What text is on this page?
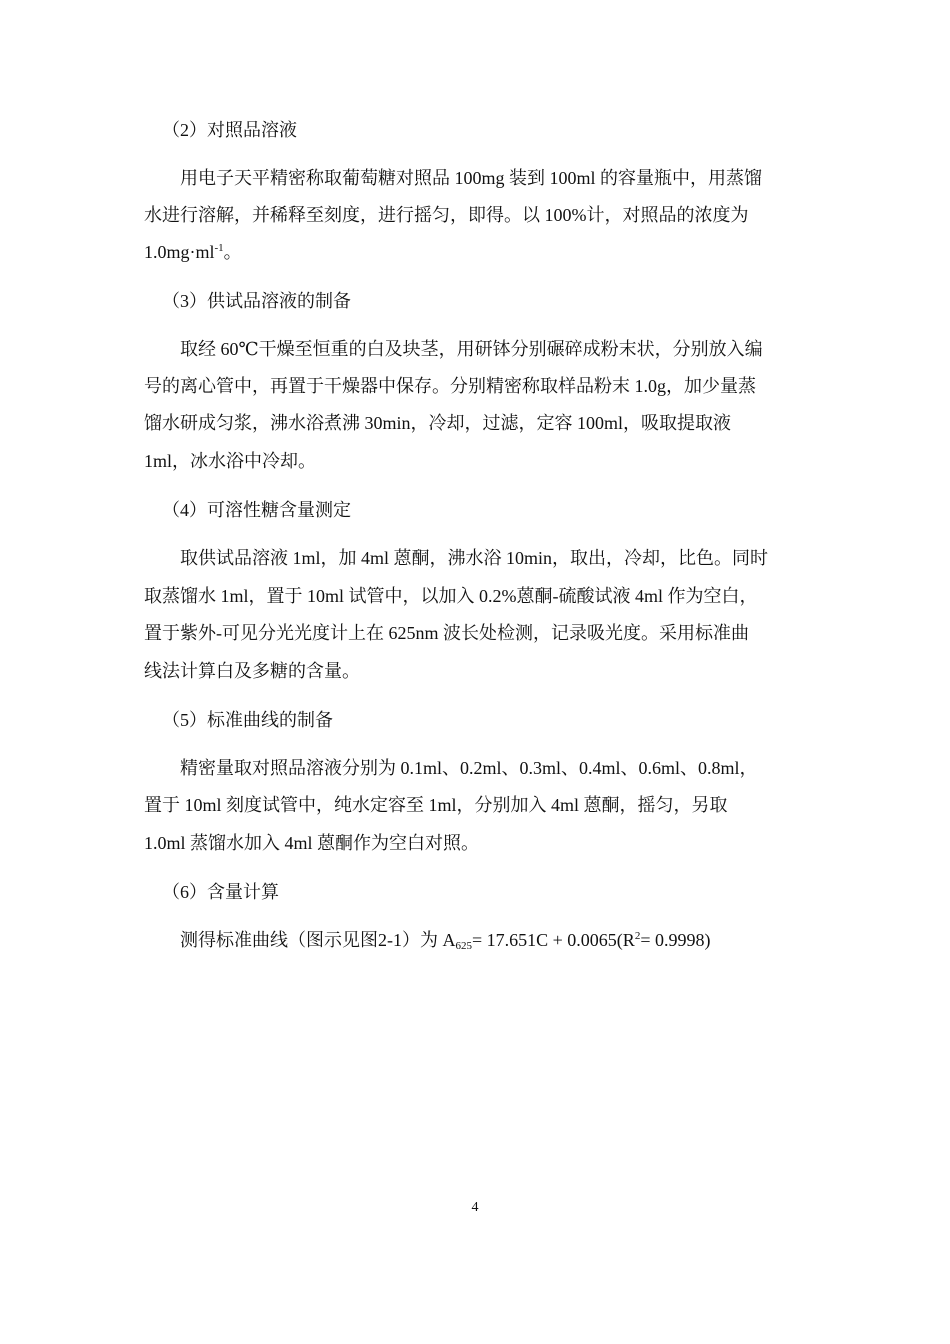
（2）对照品溶液
用电子天平精密称取葡萄糖对照品 100mg 装到 100ml 的容量瓶中，用蒸馏
水进行溶解，并稀释至刻度，进行摇匀，即得。以 100%计，对照品的浓度为
$1.0mg\cdot ml^{-1}$。
（3）供试品溶液的制备
取经 60℃干燥至恒重的白及块茎，用研钵分别碾碎成粉末状，分别放入编
号的离心管中，再置于干燥器中保存。分别精密称取样品粉末 1.0g，加少量蒸
馏水研成匀浆，沸水浴煮沸 30min，冷却，过滤，定容 100ml，吸取提取液
1ml，冰水浴中冷却。
（4）可溶性糖含量测定
取供试品溶液 1ml，加 4ml 蒽酮，沸水浴 10min，取出，冷却，比色。同时
取蒸馏水 1ml，置于 10ml 试管中，以加入 0.2%蒽酮-硫酸试液 4ml 作为空白，
置于紫外-可见分光光度计上在 625nm 波长处检测，记录吸光度。采用标准曲
线法计算白及多糖的含量。
（5）标准曲线的制备
精密量取对照品溶液分别为 0.1ml、0.2ml、0.3ml、0.4ml、0.6ml、0.8ml，
置于 10ml 刻度试管中，纯水定容至 1ml，分别加入 4ml 蒽酮，摇匀，另取
1.0ml 蒸馏水加入 4ml 蒽酮作为空白对照。
（6）含量计算
测得标准曲线（图示见图2-1）为 $A_{625}= 17.651C + 0.0065(R^2= 0.9998)$
4
